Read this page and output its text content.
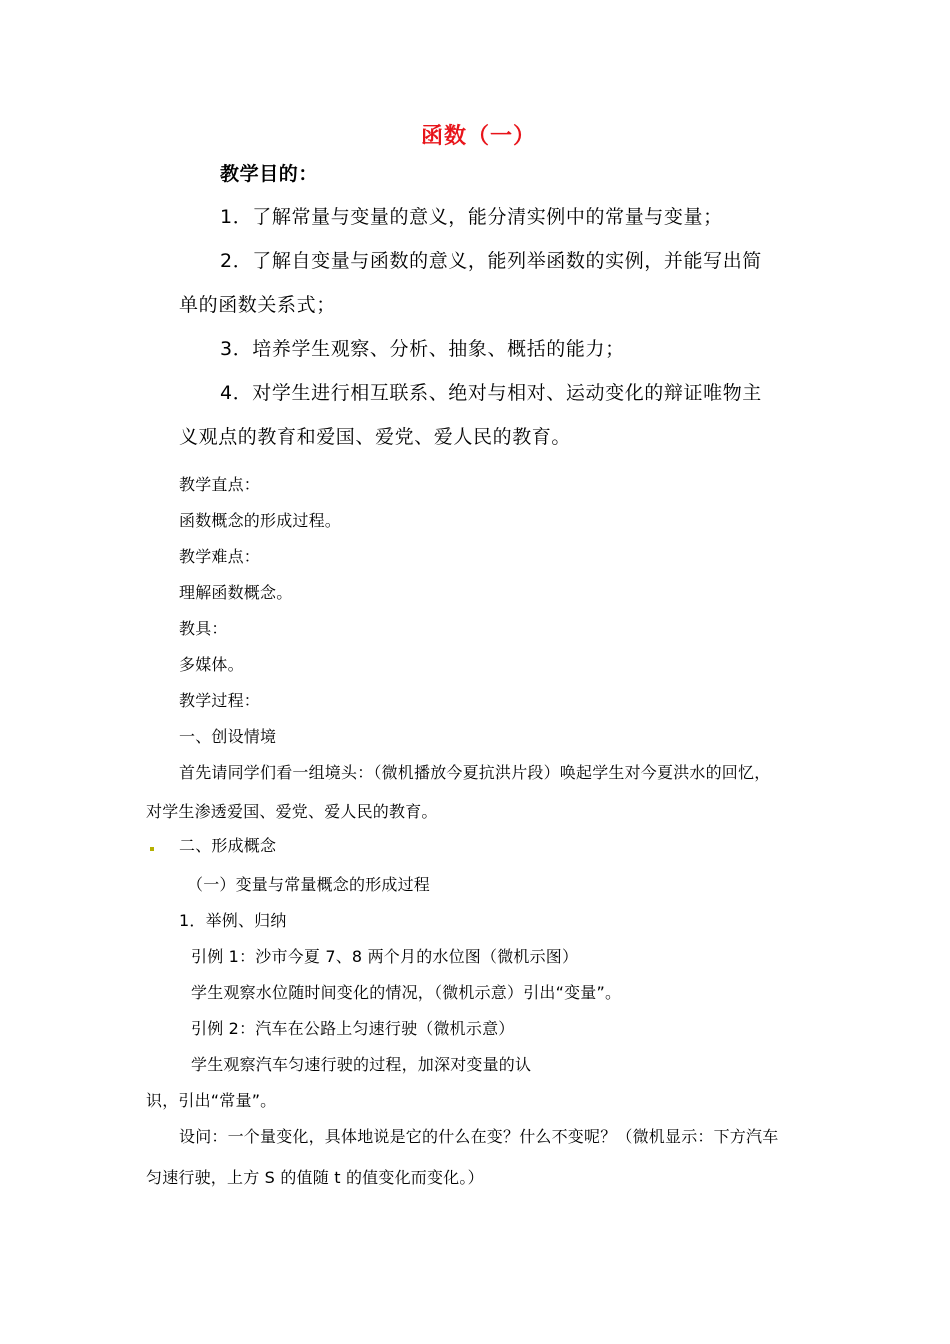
函数（一）
教学目的：
1．了解常量与变量的意义，能分清实例中的常量与变量；
2．了解自变量与函数的意义，能列举函数的实例，并能写出简
单的函数关系式；
3．培养学生观察、分析、抽象、概括的能力；
4．对学生进行相互联系、绝对与相对、运动变化的辩证唯物主
义观点的教育和爱国、爱党、爱人民的教育。
教学直点：
函数概念的形成过程。
教学难点：
理解函数概念。
教具：
多媒体。
教学过程：
一、创设情境
首先请同学们看一组境头：（微机播放今夏抗洪片段）唤起学生对今夏洪水的回忆，
对学生渗透爱国、爱党、爱人民的教育。
二、形成概念
（一）变量与常量概念的形成过程
1．举例、归纳
引例 1：沙市今夏 7、8 两个月的水位图（微机示图）
学生观察水位随时间变化的情况，（微机示意）引出“变量”。
引例 2：汽车在公路上匀速行驶（微机示意）
学生观察汽车匀速行驶的过程，加深对变量的认
识，引出“常量”。
设问：一个量变化，具体地说是它的什么在变？什么不变呢？（微机显示：下方汽车
匀速行驶，上方 S 的值随 t 的值变化而变化。）
